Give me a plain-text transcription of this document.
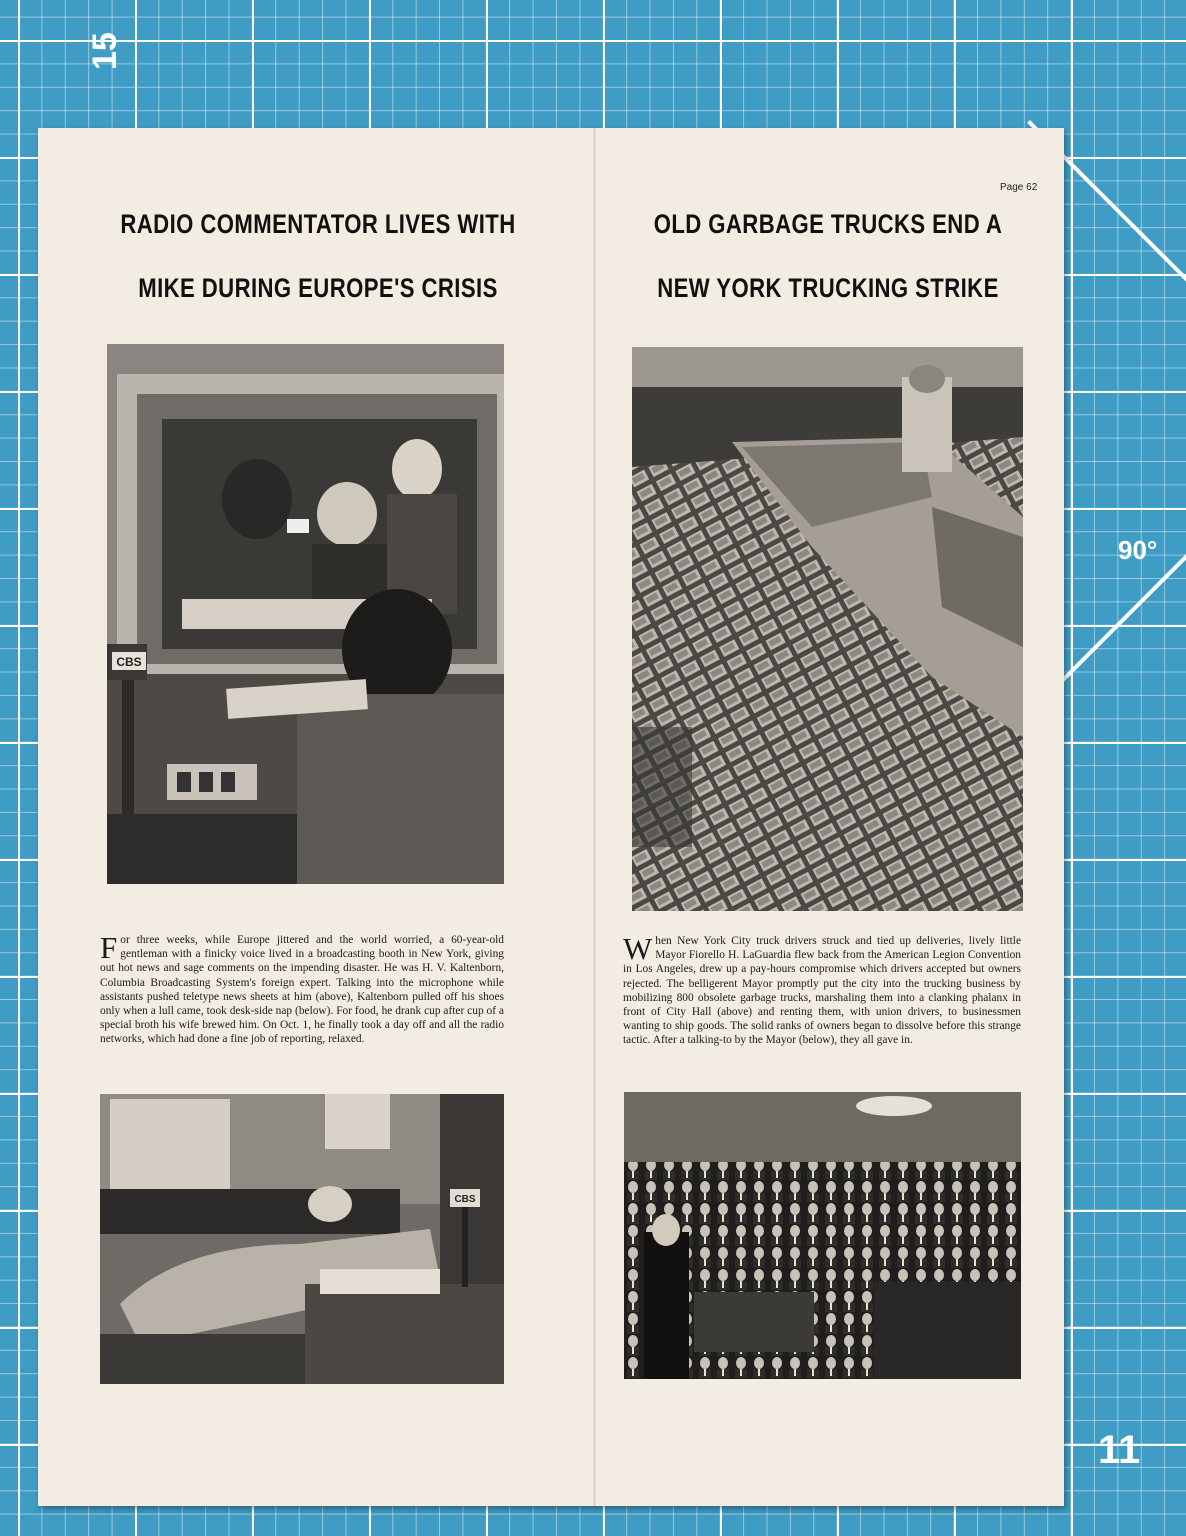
15
90°
11
Page 62
RADIO COMMENTATOR LIVES WITH
MIKE DURING EUROPE'S CRISIS
OLD GARBAGE TRUCKS END A
NEW YORK TRUCKING STRIKE
CBS
CBS

For three weeks, while Europe jittered and the world worried, a 60-year-old gentleman with a finicky voice lived in a broadcasting booth in New York, giving out hot news and sage comments on the impending disaster. He was H. V. Kaltenborn, Columbia Broadcasting System's foreign expert. Talking into the microphone while assistants pushed teletype news sheets at him (above), Kaltenborn pulled off his shoes only when a lull came, took desk-side nap (below). For food, he drank cup after cup of a special broth his wife brewed him. On Oct. 1, he finally took a day off and all the radio networks, which had done a fine job of reporting, relaxed.

When New York City truck drivers struck and tied up deliveries, lively little Mayor Fiorello H. LaGuardia flew back from the American Legion Convention in Los Angeles, drew up a pay-hours compromise which drivers accepted but owners rejected. The belligerent Mayor promptly put the city into the trucking business by mobilizing 800 obsolete garbage trucks, marshaling them into a clanking phalanx in front of City Hall (above) and renting them, with union drivers, to businessmen wanting to ship goods. The solid ranks of owners began to dissolve before this strange tactic. After a talking-to by the Mayor (below), they all gave in.
